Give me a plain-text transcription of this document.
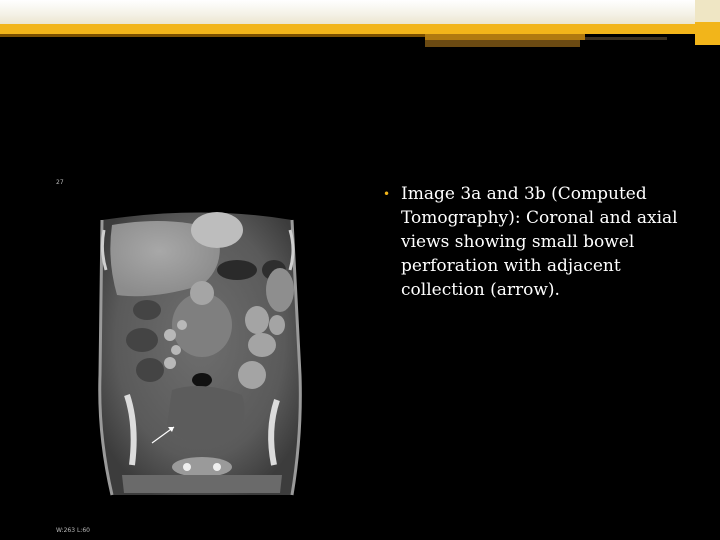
27
W:263 L:60
• Image 3a and 3b (Computed Tomography): Coronal and axial views showing small bowel perforation with adjacent collection (arrow).
